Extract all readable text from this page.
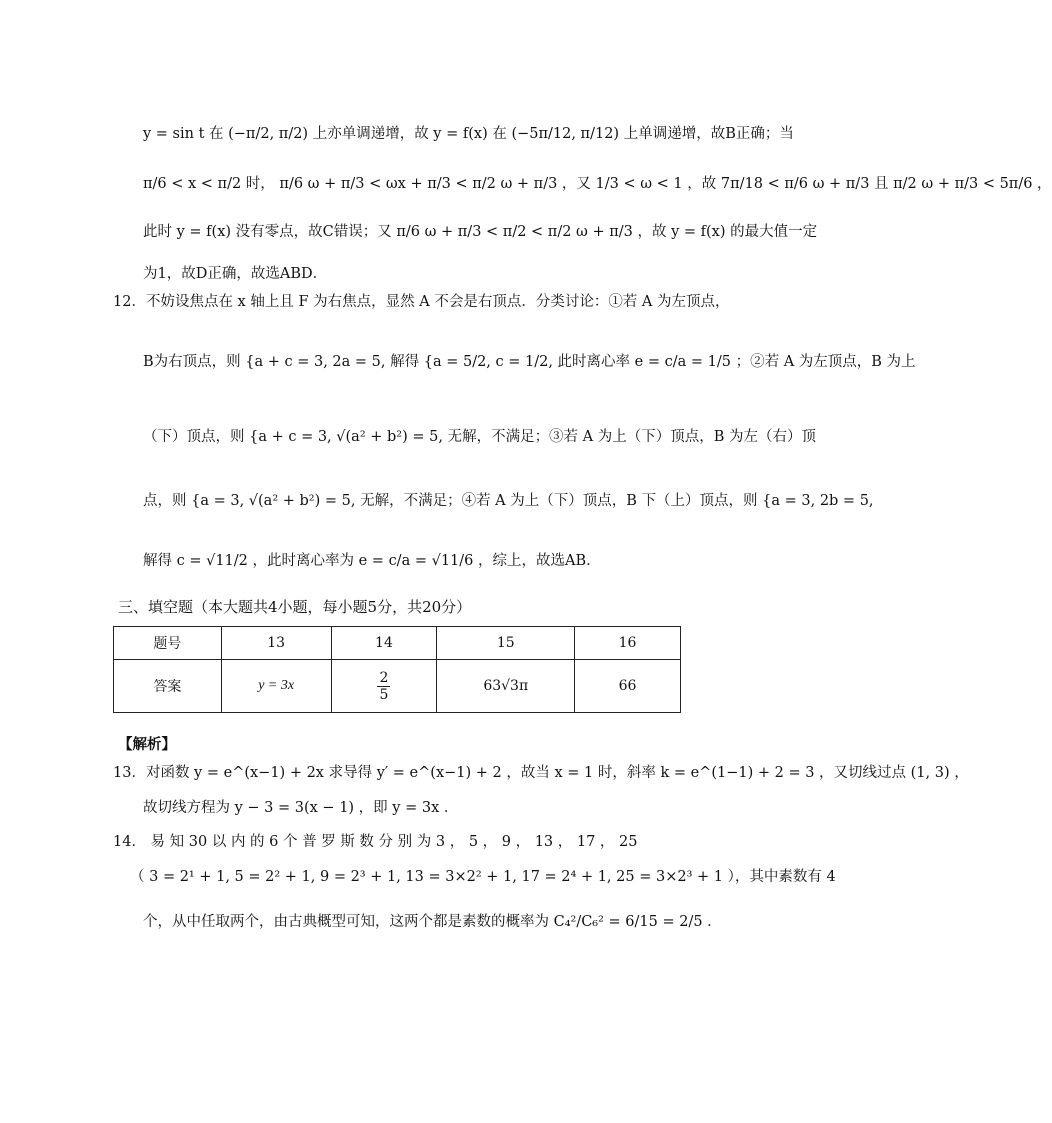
y = sin t 在 (−π/2, π/2) 上亦单调递增，故 y = f(x) 在 (−5π/12, π/12) 上单调递增，故B正确；当
π/6 < x < π/2 时， π/6 ω + π/3 < ωx + π/3 < π/2 ω + π/3 ，又 1/3 < ω < 1 ，故 7π/18 < π/6 ω + π/3 且 π/2 ω + π/3 < 5π/6 ，
此时 y = f(x) 没有零点，故C错误；又 π/6 ω + π/3 < π/2 < π/2 ω + π/3 ，故 y = f(x) 的最大值一定
为1，故D正确，故选ABD．
12．不妨设焦点在 x 轴上且 F 为右焦点，显然 A 不会是右顶点．分类讨论：①若 A 为左顶点，
B为右顶点，则 {a + c = 3, 2a = 5, 解得 {a = 5/2, c = 1/2, 此时离心率 e = c/a = 1/5 ；②若 A 为左顶点，B 为上
（下）顶点，则 {a + c = 3, √(a² + b²) = 5, 无解，不满足；③若 A 为上（下）顶点，B 为左（右）顶
点，则 {a = 3, √(a² + b²) = 5, 无解，不满足；④若 A 为上（下）顶点，B 下（上）顶点，则 {a = 3, 2b = 5,
解得 c = √11/2 ，此时离心率为 e = c/a = √11/6 ，综上，故选AB．
三、填空题（本大题共4小题，每小题5分，共20分）
题号	13	14	15	16
答案	y = 3x	$\frac{2}{5}$	63√3π	66
【解析】
13．对函数 y = e^(x−1) + 2x 求导得 y′ = e^(x−1) + 2 ，故当 x = 1 时，斜率 k = e^(1−1) + 2 = 3 ，又切线过点 (1, 3) ，
故切线方程为 y − 3 = 3(x − 1) ，即 y = 3x ．
14． 易 知 30 以 内 的 6 个 普 罗 斯 数 分 别 为 3 ， 5 ， 9 ， 13 ， 17 ， 25
（ 3 = 2¹ + 1, 5 = 2² + 1, 9 = 2³ + 1, 13 = 3×2² + 1, 17 = 2⁴ + 1, 25 = 3×2³ + 1 ），其中素数有 4
个，从中任取两个，由古典概型可知，这两个都是素数的概率为 C₄²/C₆² = 6/15 = 2/5 ．
